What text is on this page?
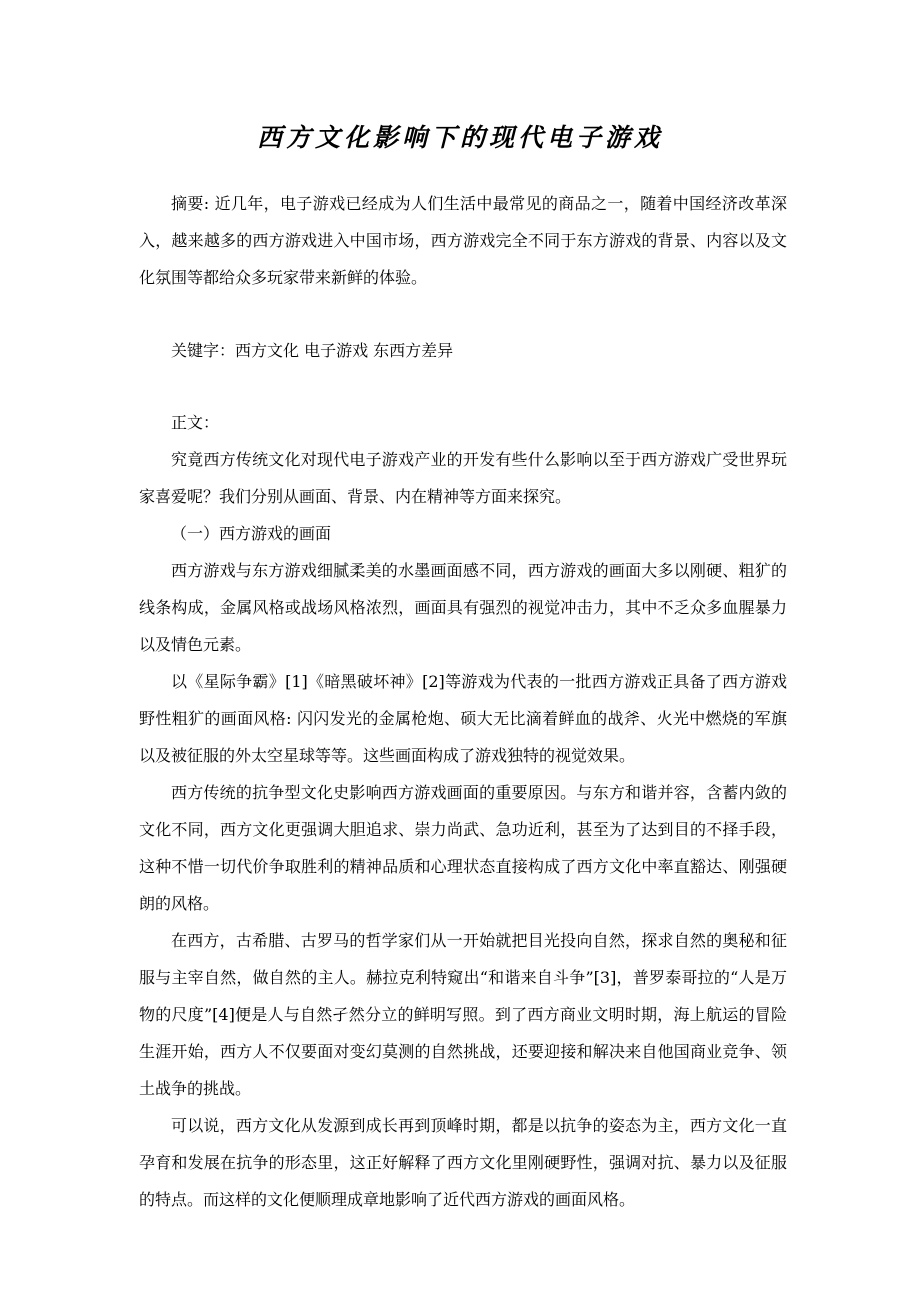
西方文化影响下的现代电子游戏

摘要: 近几年，电子游戏已经成为人们生活中最常见的商品之一，随着中国经济改革深入，越来越多的西方游戏进入中国市场，西方游戏完全不同于东方游戏的背景、内容以及文化氛围等都给众多玩家带来新鲜的体验。

关键字：西方文化 电子游戏 东西方差异

正文：

究竟西方传统文化对现代电子游戏产业的开发有些什么影响以至于西方游戏广受世界玩家喜爱呢？我们分别从画面、背景、内在精神等方面来探究。

（一）西方游戏的画面

西方游戏与东方游戏细腻柔美的水墨画面感不同，西方游戏的画面大多以刚硬、粗犷的线条构成，金属风格或战场风格浓烈，画面具有强烈的视觉冲击力，其中不乏众多血腥暴力以及情色元素。

以《星际争霸》[1]《暗黑破坏神》[2]等游戏为代表的一批西方游戏正具备了西方游戏野性粗犷的画面风格: 闪闪发光的金属枪炮、硕大无比滴着鲜血的战斧、火光中燃烧的军旗以及被征服的外太空星球等等。这些画面构成了游戏独特的视觉效果。

西方传统的抗争型文化史影响西方游戏画面的重要原因。与东方和谐并容，含蓄内敛的文化不同，西方文化更强调大胆追求、崇力尚武、急功近利，甚至为了达到目的不择手段，这种不惜一切代价争取胜利的精神品质和心理状态直接构成了西方文化中率直豁达、刚强硬朗的风格。

在西方，古希腊、古罗马的哲学家们从一开始就把目光投向自然，探求自然的奥秘和征服与主宰自然，做自然的主人。赫拉克利特窥出“和谐来自斗争”[3]，普罗泰哥拉的“人是万物的尺度”[4]便是人与自然孑然分立的鲜明写照。到了西方商业文明时期，海上航运的冒险生涯开始，西方人不仅要面对变幻莫测的自然挑战，还要迎接和解决来自他国商业竞争、领土战争的挑战。

可以说，西方文化从发源到成长再到顶峰时期，都是以抗争的姿态为主，西方文化一直孕育和发展在抗争的形态里，这正好解释了西方文化里刚硬野性，强调对抗、暴力以及征服的特点。而这样的文化便顺理成章地影响了近代西方游戏的画面风格。
